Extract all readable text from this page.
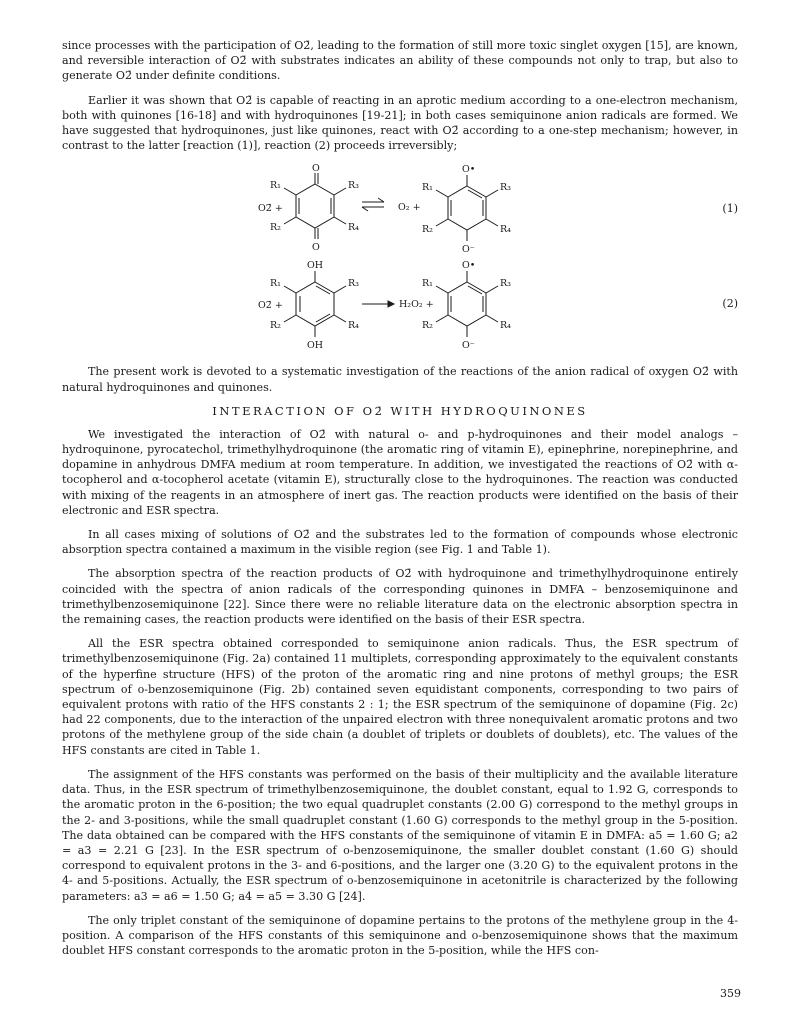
since processes with the participation of O2̄, leading to the formation of still more toxic singlet oxygen [15], are known, and reversible interaction of O2̄ with substrates indicates an ability of these compounds not only to trap, but also to generate O2̄ under definite conditions.

Earlier it was shown that O2̄ is capable of reacting in an aprotic medium according to a one-electron mechanism, both with quinones [16-18] and with hydroquinones [19-21]; in both cases semiquinone anion radicals are formed. We have suggested that hydroquinones, just like quinones, react with O2̄ according to a one-step mechanism; however, in contrast to the latter [reaction (1)], reaction (2) proceeds irreversibly;

O2̄ +
O
O
R₁	R₃
R₂	R₄
O₂ +
O•
O⁻
R₁	R₃
R₂	R₄
O2̄ +
OH
OH
R₁	R₃
R₂	R₄
H₂O₂ +
O•
O⁻
R₁	R₃
R₂	R₄
(1)
(2)

The present work is devoted to a systematic investigation of the reactions of the anion radical of oxygen O2̄ with natural hydroquinones and quinones.

INTERACTION OF O2̄ WITH HYDROQUINONES

We investigated the interaction of O2̄ with natural o- and p-hydroquinones and their model analogs – hydroquinone, pyrocatechol, trimethylhydroquinone (the aromatic ring of vitamin E), epinephrine, norepinephrine, and dopamine in anhydrous DMFA medium at room temperature. In addition, we investigated the reactions of O2̄ with α-tocopherol and α-tocopherol acetate (vitamin E), structurally close to the hydroquinones. The reaction was conducted with mixing of the reagents in an atmosphere of inert gas. The reaction products were identified on the basis of their electronic and ESR spectra.

In all cases mixing of solutions of O2̄ and the substrates led to the formation of compounds whose electronic absorption spectra contained a maximum in the visible region (see Fig. 1 and Table 1).

The absorption spectra of the reaction products of O2̄ with hydroquinone and trimethylhydroquinone entirely coincided with the spectra of anion radicals of the corresponding quinones in DMFA – benzosemiquinone and trimethylbenzosemiquinone [22]. Since there were no reliable literature data on the electronic absorption spectra in the remaining cases, the reaction products were identified on the basis of their ESR spectra.

All the ESR spectra obtained corresponded to semiquinone anion radicals. Thus, the ESR spectrum of trimethylbenzosemiquinone (Fig. 2a) contained 11 multiplets, corresponding approximately to the equivalent constants of the hyperfine structure (HFS) of the proton of the aromatic ring and nine protons of methyl groups; the ESR spectrum of o-benzosemiquinone (Fig. 2b) contained seven equidistant components, corresponding to two pairs of equivalent protons with ratio of the HFS constants 2 : 1; the ESR spectrum of the semiquinone of dopamine (Fig. 2c) had 22 components, due to the interaction of the unpaired electron with three nonequivalent aromatic protons and two protons of the methylene group of the side chain (a doublet of triplets or doublets of doublets), etc. The values of the HFS constants are cited in Table 1.

The assignment of the HFS constants was performed on the basis of their multiplicity and the available literature data. Thus, in the ESR spectrum of trimethylbenzosemiquinone, the doublet constant, equal to 1.92 G, corresponds to the aromatic proton in the 6-position; the two equal quadruplet constants (2.00 G) correspond to the methyl groups in the 2- and 3-positions, while the small quadruplet constant (1.60 G) corresponds to the methyl group in the 5-position. The data obtained can be compared with the HFS constants of the semiquinone of vitamin E in DMFA: a5 = 1.60 G; a2 = a3 = 2.21 G [23]. In the ESR spectrum of o-benzosemiquinone, the smaller doublet constant (1.60 G) should correspond to equivalent protons in the 3- and 6-positions, and the larger one (3.20 G) to the equivalent protons in the 4- and 5-positions. Actually, the ESR spectrum of o-benzosemiquinone in acetonitrile is characterized by the following parameters: a3 = a6 = 1.50 G; a4 = a5 = 3.30 G [24].

The only triplet constant of the semiquinone of dopamine pertains to the protons of the methylene group in the 4-position. A comparison of the HFS constants of this semiquinone and o-benzosemiquinone shows that the maximum doublet HFS constant corresponds to the aromatic proton in the 5-position, while the HFS con-

359
